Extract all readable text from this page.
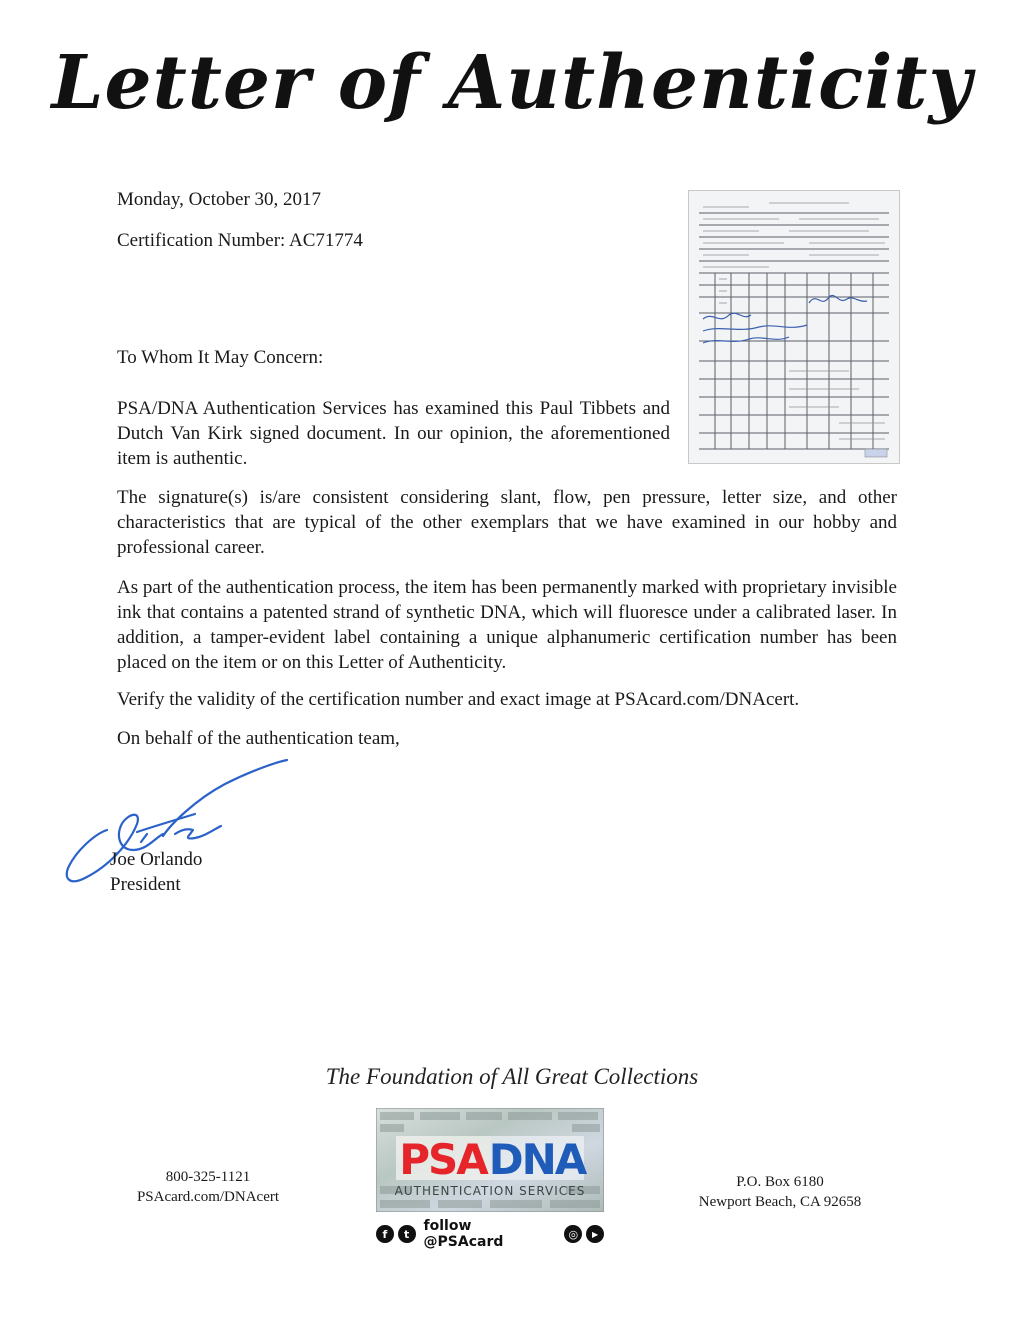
Letter of Authenticity
Monday, October 30, 2017
Certification Number: AC71774
To Whom It May Concern:

PSA/DNA Authentication Services has examined this Paul Tibbets and Dutch Van Kirk signed document. In our opinion, the aforementioned item is authentic.

The signature(s) is/are consistent considering slant, flow, pen pressure, letter size, and other characteristics that are typical of the other exemplars that we have examined in our hobby and professional career.

As part of the authentication process, the item has been permanently marked with proprietary invisible ink that contains a patented strand of synthetic DNA, which will fluoresce under a calibrated laser. In addition, a tamper-evident label containing a unique alphanumeric certification number has been placed on the item or on this Letter of Authenticity.

Verify the validity of the certification number and exact image at PSAcard.com/DNAcert.

On behalf of the authentication team,
Joe Orlando
President
The Foundation of All Great Collections
800-325-1121
PSAcard.com/DNAcert
P.O. Box 6180
Newport Beach, CA 92658
PSA DNA
AUTHENTICATION SERVICES
f	t	follow @PSAcard	◎	▶
